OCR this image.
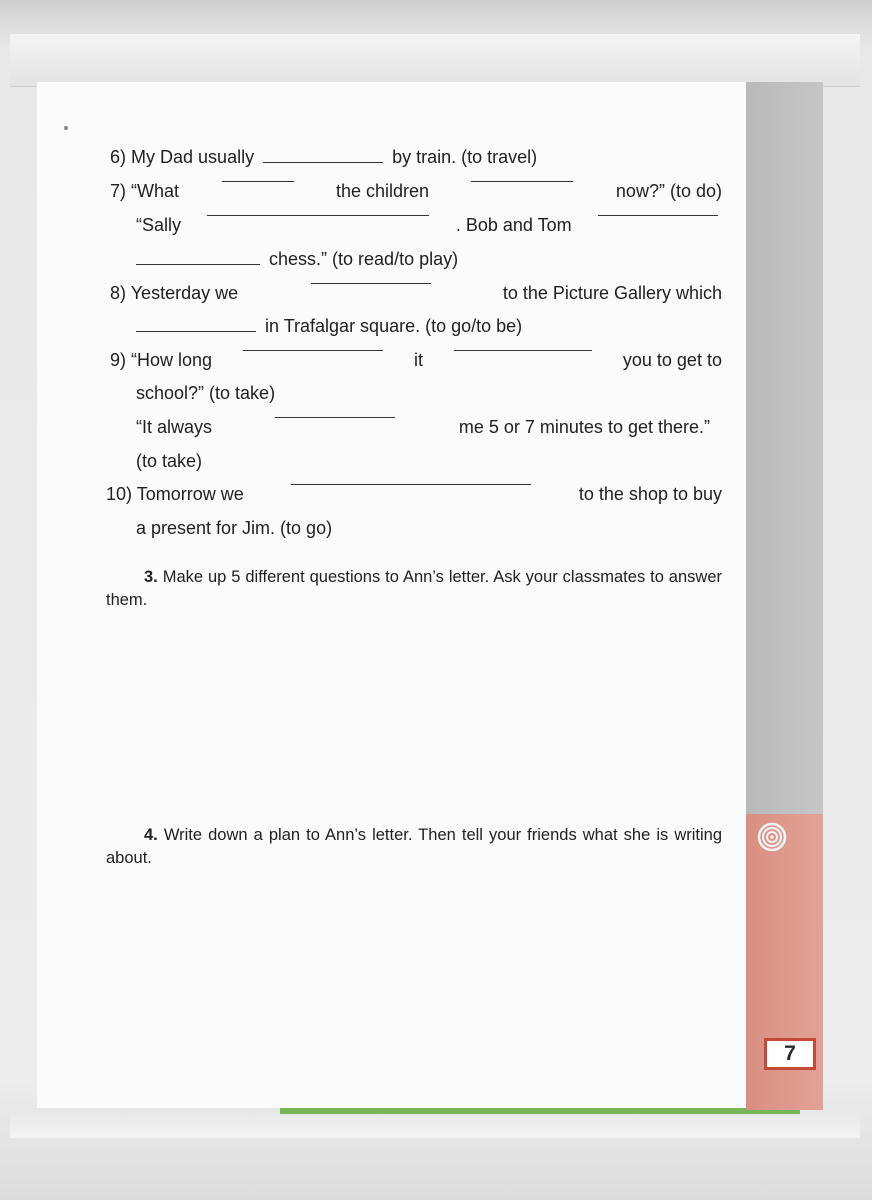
7
6) My Dad usually	by train. (to travel)
7) “What	the children	now?” (to do)
“Sally	. Bob and Tom
chess.” (to read/to play)
8) Yesterday we	to the Picture Gallery which
in Trafalgar square. (to go/to be)
9) “How long	it	you to get to
school?” (to take)
“It always	me 5 or 7 minutes to get there.”
(to take)
10) Tomorrow we	to the shop to buy
a present for Jim. (to go)
3. Make up 5 different questions to Ann’s letter. Ask your classmates to answer them.
4. Write down a plan to Ann’s letter. Then tell your friends what she is writing about.
